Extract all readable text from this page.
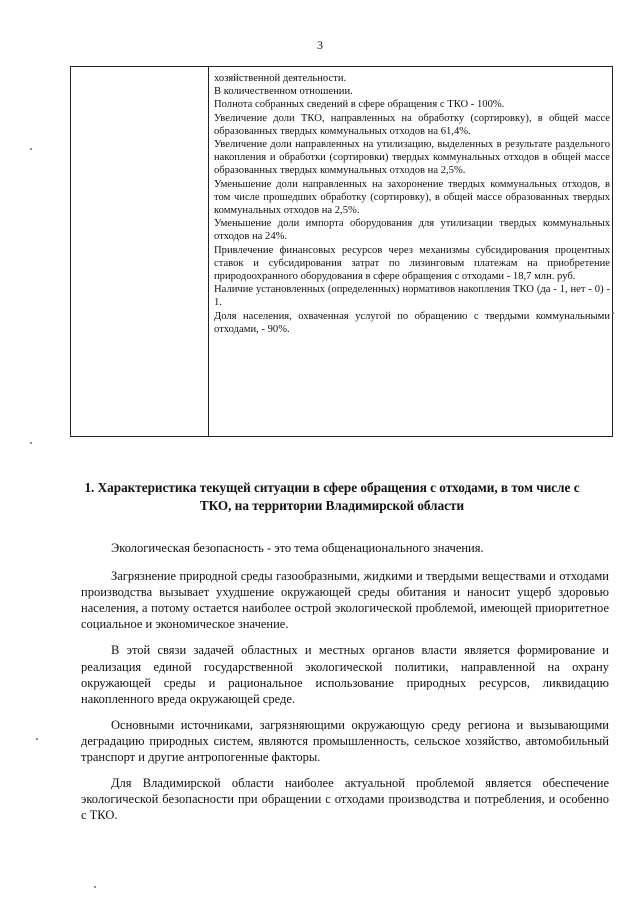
3

хозяйственной деятельности.

В количественном отношении.

Полнота собранных сведений в сфере обращения с ТКО - 100%.

Увеличение доли ТКО, направленных на обработку (сортировку), в общей массе образованных твердых коммунальных отходов на 61,4%.

Увеличение доли направленных на утилизацию, выделенных в результате раздельного накопления и обработки (сортировки) твердых коммунальных отходов в общей массе образованных твердых коммунальных отходов на 2,5%.

Уменьшение доли направленных на захоронение твердых коммунальных отходов, в том числе прошедших обработку (сортировку), в общей массе образованных твердых коммунальных отходов на 2,5%.

Уменьшение доли импорта оборудования для утилизации твердых коммунальных отходов на 24%.

Привлечение финансовых ресурсов через механизмы субсидирования процентных ставок и субсидирования затрат по лизинговым платежам на приобретение природоохранного оборудования в сфере обращения с отходами - 18,7 млн. руб.

Наличие установленных (определенных) нормативов накопления ТКО (да - 1, нет - 0) - 1.

Доля населения, охваченная услугой по обращению с твердыми коммунальными отходами, - 90%.

1. Характеристика текущей ситуации в сфере обращения с отходами, в том числе с ТКО, на территории Владимирской области

Экологическая безопасность - это тема общенационального значения.

Загрязнение природной среды газообразными, жидкими и твердыми веществами и отходами производства вызывает ухудшение окружающей среды обитания и наносит ущерб здоровью населения, а потому остается наиболее острой экологической проблемой, имеющей приоритетное социальное и экономическое значение.

В этой связи задачей областных и местных органов власти является формирование и реализация единой государственной экологической политики, направленной на охрану окружающей среды и рациональное использование природных ресурсов, ликвидацию накопленного вреда окружающей среде.

Основными источниками, загрязняющими окружающую среду региона и вызывающими деградацию природных систем, являются промышленность, сельское хозяйство, автомобильный транспорт и другие антропогенные факторы.

Для Владимирской области наиболее актуальной проблемой является обеспечение экологической безопасности при обращении с отходами производства и потребления, и особенно с ТКО.
